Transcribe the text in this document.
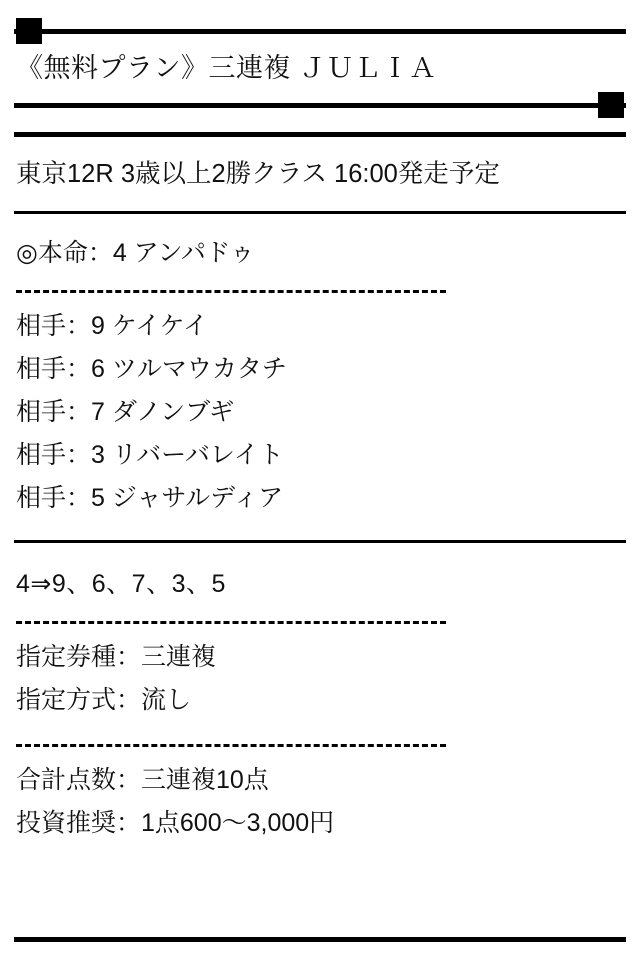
《無料プラン》三連複 ＪＵＬＩＡ
東京12R 3歳以上2勝クラス 16:00発走予定
◎本命：4 アンパドゥ
相手：9 ケイケイ
相手：6 ツルマウカタチ
相手：7 ダノンブギ
相手：3 リバーバレイト
相手：5 ジャサルディア
4⇒9、6、7、3、5
指定券種：三連複
指定方式：流し
合計点数：三連複10点
投資推奨：1点600〜3,000円
